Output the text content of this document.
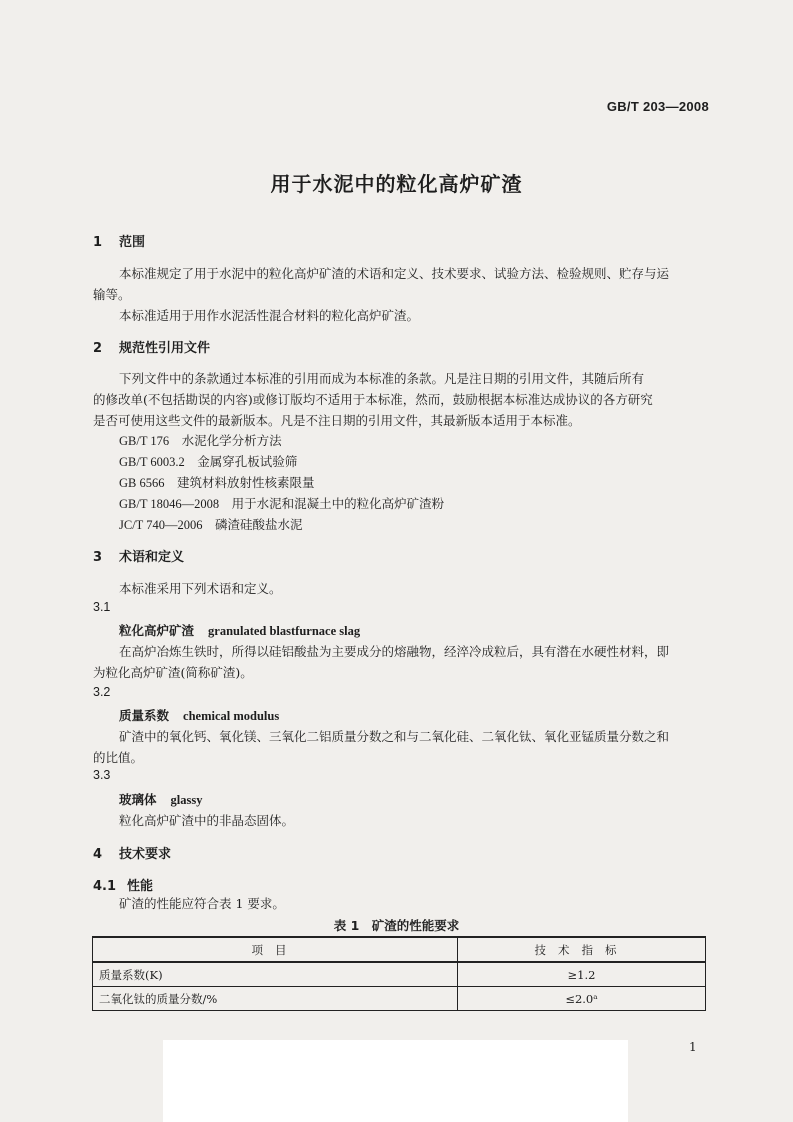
GB/T 203—2008
用于水泥中的粒化高炉矿渣
1 范围
本标准规定了用于水泥中的粒化高炉矿渣的术语和定义、技术要求、试验方法、检验规则、贮存与运
输等。
本标准适用于用作水泥活性混合材料的粒化高炉矿渣。
2 规范性引用文件
下列文件中的条款通过本标准的引用而成为本标准的条款。凡是注日期的引用文件，其随后所有
的修改单(不包括勘误的内容)或修订版均不适用于本标准，然而，鼓励根据本标准达成协议的各方研究
是否可使用这些文件的最新版本。凡是不注日期的引用文件，其最新版本适用于本标准。
GB/T 176　 水泥化学分析方法
GB/T 6003.2　 金属穿孔板试验筛
GB 6566　 建筑材料放射性核素限量
GB/T 18046—2008　 用于水泥和混凝土中的粒化高炉矿渣粉
JC/T 740—2006　 磷渣硅酸盐水泥
3 术语和定义
本标准采用下列术语和定义。
3.1
粒化高炉矿渣 granulated blastfurnace slag
在高炉冶炼生铁时，所得以硅铝酸盐为主要成分的熔融物，经淬冷成粒后，具有潜在水硬性材料，即
为粒化高炉矿渣(简称矿渣)。
3.2
质量系数 chemical modulus
矿渣中的氧化钙、氧化镁、三氧化二铝质量分数之和与二氧化硅、二氧化钛、氧化亚锰质量分数之和
的比值。
3.3
玻璃体 glassy
粒化高炉矿渣中的非晶态固体。
4 技术要求
4.1 性能
矿渣的性能应符合表 1 要求。
表 1　矿渣的性能要求
项目	技术指标
质量系数(K)	≥1.2
二氧化钛的质量分数/%	≤2.0ᵃ
1
